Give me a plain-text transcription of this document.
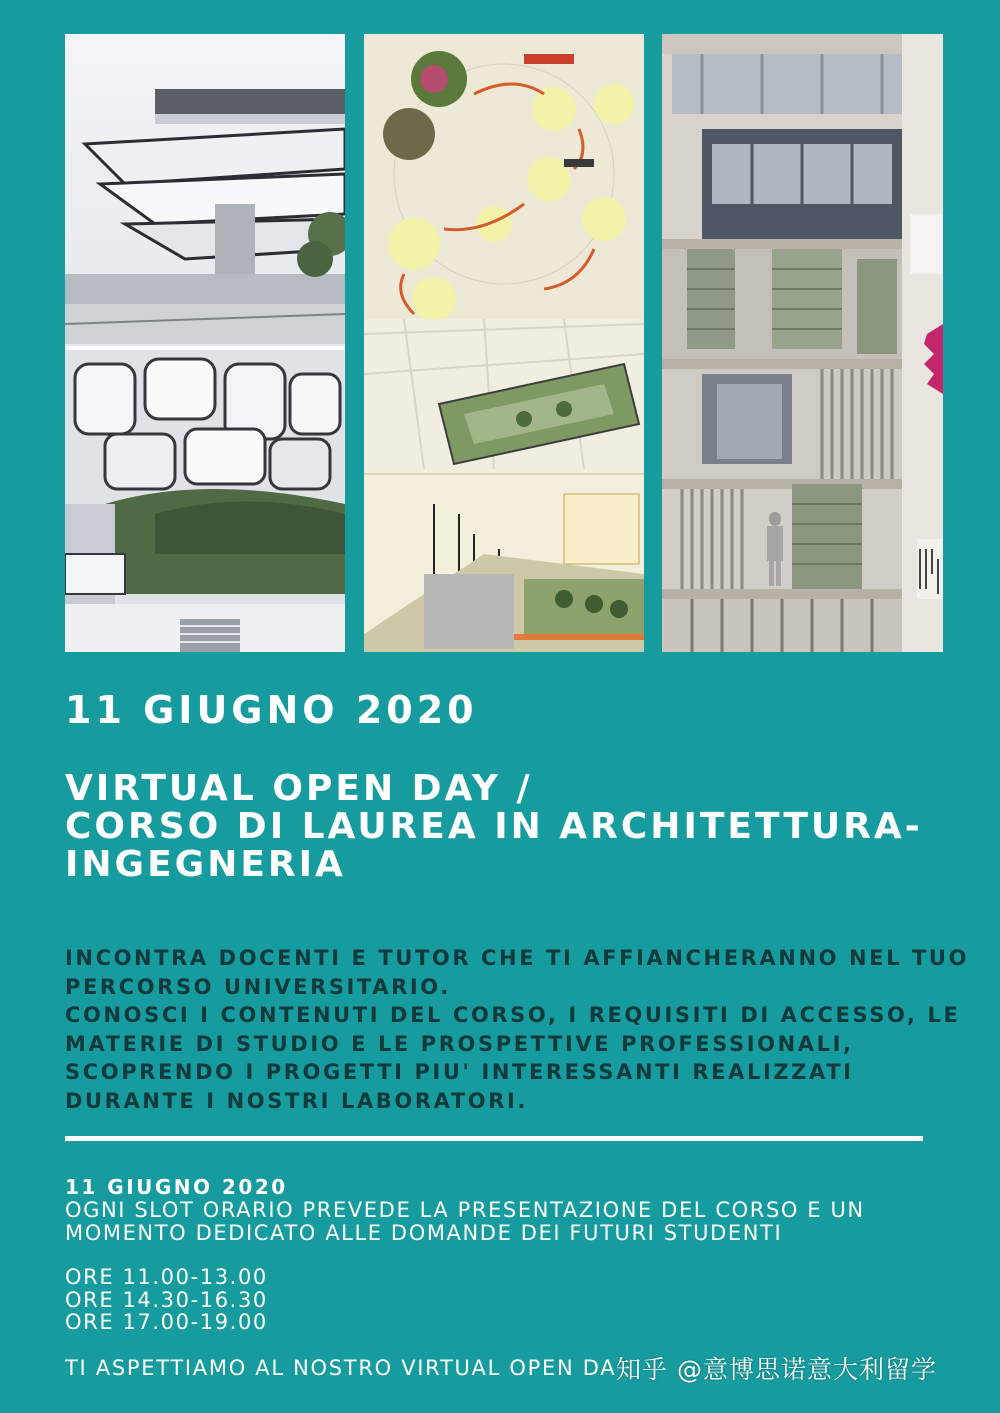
11 GIUGNO 2020
VIRTUAL OPEN DAY /
CORSO DI LAUREA IN ARCHITETTURA-
INGEGNERIA

INCONTRA DOCENTI E TUTOR CHE TI AFFIANCHERANNO NEL TUO
PERCORSO UNIVERSITARIO.
CONOSCI I CONTENUTI DEL CORSO, I REQUISITI DI ACCESSO, LE
MATERIE DI STUDIO E LE PROSPETTIVE PROFESSIONALI,
SCOPRENDO I PROGETTI PIU' INTERESSANTI REALIZZATI
DURANTE I NOSTRI LABORATORI.

11 GIUGNO 2020

OGNI SLOT ORARIO PREVEDE LA PRESENTAZIONE DEL CORSO E UN
MOMENTO DEDICATO ALLE DOMANDE DEI FUTURI STUDENTI

ORE 11.00-13.00
ORE 14.30-16.30
ORE 17.00-19.00

TI ASPETTIAMO AL NOSTRO VIRTUAL OPEN DA 知乎 @意博思诺意大利留学
